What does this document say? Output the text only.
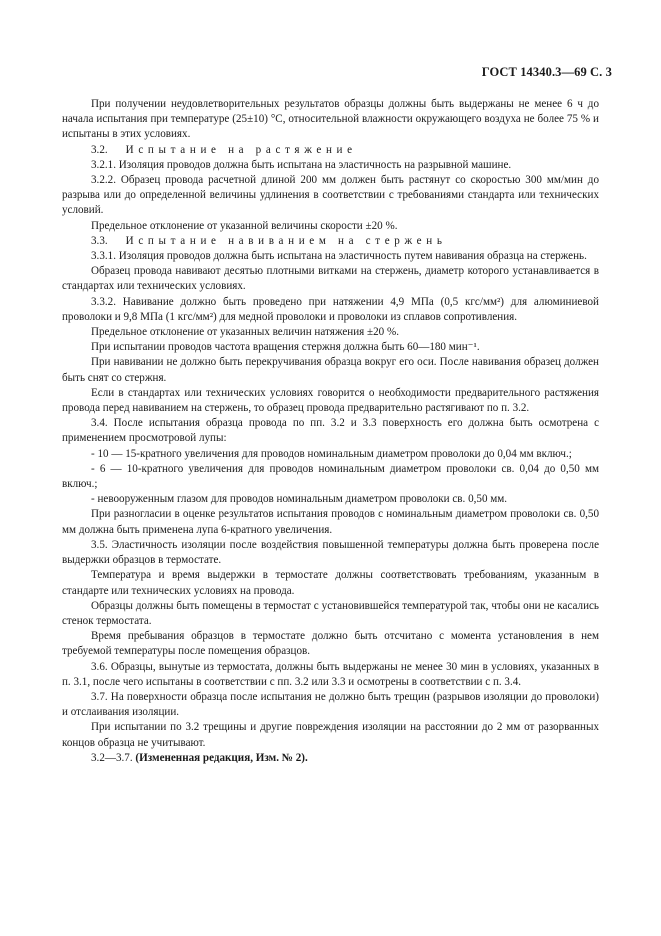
ГОСТ 14340.3—69 С. 3

При получении неудовлетворительных результатов образцы должны быть выдержаны не менее 6 ч до начала испытания при температуре (25±10) °С, относительной влажности окружающего воздуха не более 75 % и испытаны в этих условиях.

3.2. Испытание на растяжение

3.2.1. Изоляция проводов должна быть испытана на эластичность на разрывной машине.

3.2.2. Образец провода расчетной длиной 200 мм должен быть растянут со скоростью 300 мм/мин до разрыва или до определенной величины удлинения в соответствии с требованиями стандарта или технических условий.

Предельное отклонение от указанной величины скорости ±20 %.

3.3. Испытание навиванием на стержень

3.3.1. Изоляция проводов должна быть испытана на эластичность путем навивания образца на стержень.

Образец провода навивают десятью плотными витками на стержень, диаметр которого устанавливается в стандартах или технических условиях.

3.3.2. Навивание должно быть проведено при натяжении 4,9 МПа (0,5 кгс/мм²) для алюминиевой проволоки и 9,8 МПа (1 кгс/мм²) для медной проволоки и проволоки из сплавов сопротивления.

Предельное отклонение от указанных величин натяжения ±20 %.

При испытании проводов частота вращения стержня должна быть 60—180 мин⁻¹.

При навивании не должно быть перекручивания образца вокруг его оси. После навивания образец должен быть снят со стержня.

Если в стандартах или технических условиях говорится о необходимости предварительного растяжения провода перед навиванием на стержень, то образец провода предварительно растягивают по п. 3.2.

3.4. После испытания образца провода по пп. 3.2 и 3.3 поверхность его должна быть осмотрена с применением просмотровой лупы:

- 10 — 15-кратного увеличения для проводов номинальным диаметром проволоки до 0,04 мм включ.;

- 6 — 10-кратного увеличения для проводов номинальным диаметром проволоки св. 0,04 до 0,50 мм включ.;

- невооруженным глазом для проводов номинальным диаметром проволоки св. 0,50 мм.

При разногласии в оценке результатов испытания проводов с номинальным диаметром проволоки св. 0,50 мм должна быть применена лупа 6-кратного увеличения.

3.5. Эластичность изоляции после воздействия повышенной температуры должна быть проверена после выдержки образцов в термостате.

Температура и время выдержки в термостате должны соответствовать требованиям, указанным в стандарте или технических условиях на провода.

Образцы должны быть помещены в термостат с установившейся температурой так, чтобы они не касались стенок термостата.

Время пребывания образцов в термостате должно быть отсчитано с момента установления в нем требуемой температуры после помещения образцов.

3.6. Образцы, вынутые из термостата, должны быть выдержаны не менее 30 мин в условиях, указанных в п. 3.1, после чего испытаны в соответствии с пп. 3.2 или 3.3 и осмотрены в соответствии с п. 3.4.

3.7. На поверхности образца после испытания не должно быть трещин (разрывов изоляции до проволоки) и отслаивания изоляции.

При испытании по 3.2 трещины и другие повреждения изоляции на расстоянии до 2 мм от разорванных концов образца не учитывают.

3.2—3.7. (Измененная редакция, Изм. № 2).
